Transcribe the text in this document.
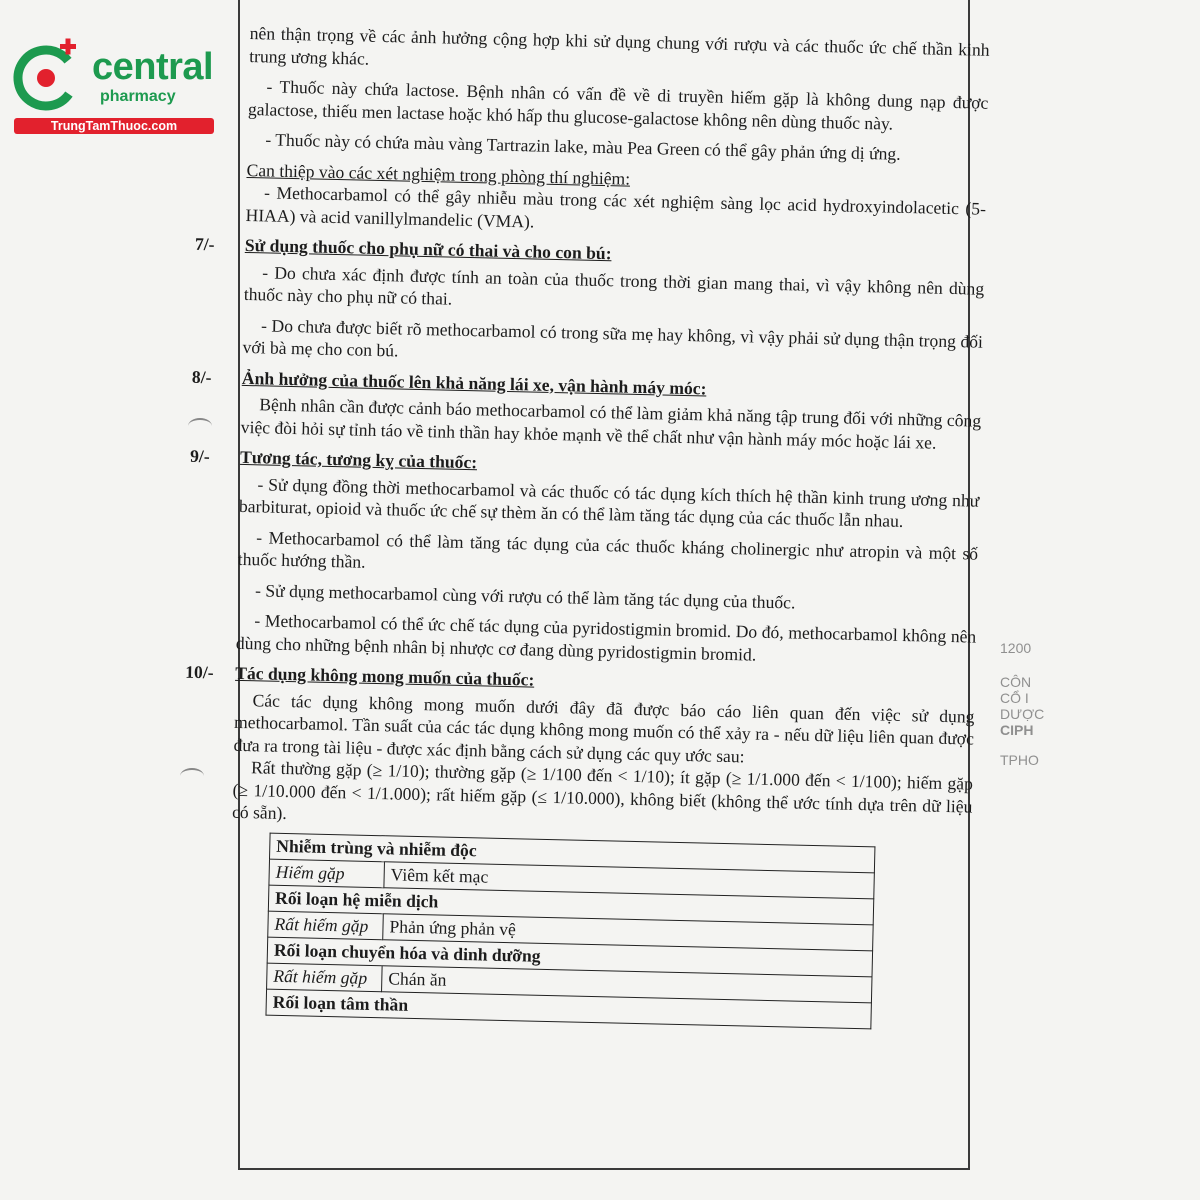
central
pharmacy
TrungTamThuoc.com

nên thận trọng về các ảnh hưởng cộng hợp khi sử dụng chung với rượu và các thuốc ức chế thần kinh trung ương khác.

- Thuốc này chứa lactose. Bệnh nhân có vấn đề về di truyền hiếm gặp là không dung nạp được galactose, thiếu men lactase hoặc khó hấp thu glucose-galactose không nên dùng thuốc này.

- Thuốc này có chứa màu vàng Tartrazin lake, màu Pea Green có thể gây phản ứng dị ứng.

Can thiệp vào các xét nghiệm trong phòng thí nghiệm:

- Methocarbamol có thể gây nhiễu màu trong các xét nghiệm sàng lọc acid hydroxyindolacetic (5-HIAA) và acid vanillylmandelic (VMA).

7/-	Sử dụng thuốc cho phụ nữ có thai và cho con bú:

- Do chưa xác định được tính an toàn của thuốc trong thời gian mang thai, vì vậy không nên dùng thuốc này cho phụ nữ có thai.

- Do chưa được biết rõ methocarbamol có trong sữa mẹ hay không, vì vậy phải sử dụng thận trọng đối với bà mẹ cho con bú.

8/-	Ảnh hưởng của thuốc lên khả năng lái xe, vận hành máy móc:

Bệnh nhân cần được cảnh báo methocarbamol có thể làm giảm khả năng tập trung đối với những công việc đòi hỏi sự tỉnh táo về tinh thần hay khỏe mạnh về thể chất như vận hành máy móc hoặc lái xe.

9/-	Tương tác, tương kỵ của thuốc:

- Sử dụng đồng thời methocarbamol và các thuốc có tác dụng kích thích hệ thần kinh trung ương như barbiturat, opioid và thuốc ức chế sự thèm ăn có thể làm tăng tác dụng của các thuốc lẫn nhau.

- Methocarbamol có thể làm tăng tác dụng của các thuốc kháng cholinergic như atropin và một số thuốc hướng thần.

- Sử dụng methocarbamol cùng với rượu có thể làm tăng tác dụng của thuốc.

- Methocarbamol có thể ức chế tác dụng của pyridostigmin bromid. Do đó, methocarbamol không nên dùng cho những bệnh nhân bị nhược cơ đang dùng pyridostigmin bromid.

10/-	Tác dụng không mong muốn của thuốc:

Các tác dụng không mong muốn dưới đây đã được báo cáo liên quan đến việc sử dụng methocarbamol. Tần suất của các tác dụng không mong muốn có thể xảy ra - nếu dữ liệu liên quan được đưa ra trong tài liệu - được xác định bằng cách sử dụng các quy ước sau:

Rất thường gặp (≥ 1/10); thường gặp (≥ 1/100 đến < 1/10); ít gặp (≥ 1/1.000 đến < 1/100); hiếm gặp (≥ 1/10.000 đến < 1/1.000); rất hiếm gặp (≤ 1/10.000), không biết (không thể ước tính dựa trên dữ liệu có sẵn).

Nhiễm trùng và nhiễm độc	
Hiếm gặp	Viêm kết mạc
Rối loạn hệ miễn dịch	
Rất hiếm gặp	Phản ứng phản vệ
Rối loạn chuyển hóa và dinh dưỡng	
Rất hiếm gặp	Chán ăn
Rối loạn tâm thần	
1200
CÔN
CỔ I
DƯỢC
CIPH
TPHO
